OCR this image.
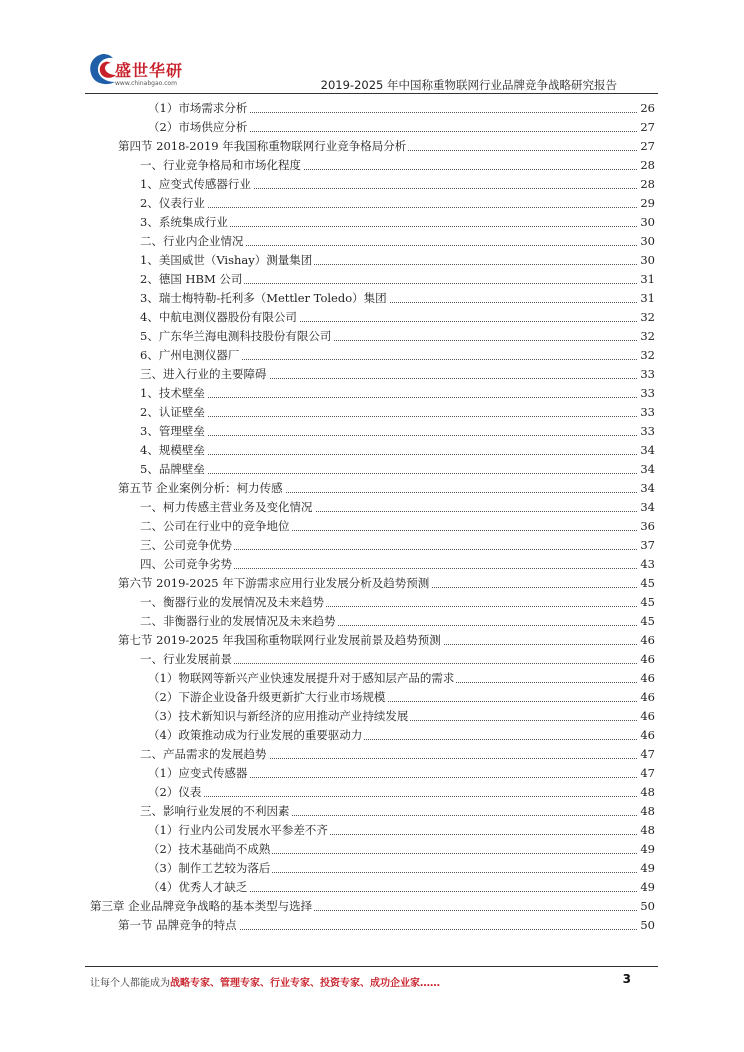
盛世华研
www.chinabgao.com	2019-2025 年中国称重物联网行业品牌竞争战略研究报告
（1）市场需求分析	26
（2）市场供应分析	27
第四节 2018-2019 年我国称重物联网行业竞争格局分析	27
一、行业竞争格局和市场化程度	28
1、应变式传感器行业	28
2、仪表行业	29
3、系统集成行业	30
二、行业内企业情况	30
1、美国威世（Vishay）测量集团	30
2、德国 HBM 公司	31
3、瑞士梅特勒-托利多（Mettler Toledo）集团	31
4、中航电测仪器股份有限公司	32
5、广东华兰海电测科技股份有限公司	32
6、广州电测仪器厂	32
三、进入行业的主要障碍	33
1、技术壁垒	33
2、认证壁垒	33
3、管理壁垒	33
4、规模壁垒	34
5、品牌壁垒	34
第五节 企业案例分析：柯力传感	34
一、柯力传感主营业务及变化情况	34
二、公司在行业中的竞争地位	36
三、公司竞争优势	37
四、公司竞争劣势	43
第六节 2019-2025 年下游需求应用行业发展分析及趋势预测	45
一、衡器行业的发展情况及未来趋势	45
二、非衡器行业的发展情况及未来趋势	45
第七节 2019-2025 年我国称重物联网行业发展前景及趋势预测	46
一、行业发展前景	46
（1）物联网等新兴产业快速发展提升对于感知层产品的需求	46
（2）下游企业设备升级更新扩大行业市场规模	46
（3）技术新知识与新经济的应用推动产业持续发展	46
（4）政策推动成为行业发展的重要驱动力	46
二、产品需求的发展趋势	47
（1）应变式传感器	47
（2）仪表	48
三、影响行业发展的不利因素	48
（1）行业内公司发展水平参差不齐	48
（2）技术基础尚不成熟	49
（3）制作工艺较为落后	49
（4）优秀人才缺乏	49
第三章 企业品牌竞争战略的基本类型与选择	50
第一节 品牌竞争的特点	50
让每个人都能成为战略专家、管理专家、行业专家、投资专家、成功企业家……	3
